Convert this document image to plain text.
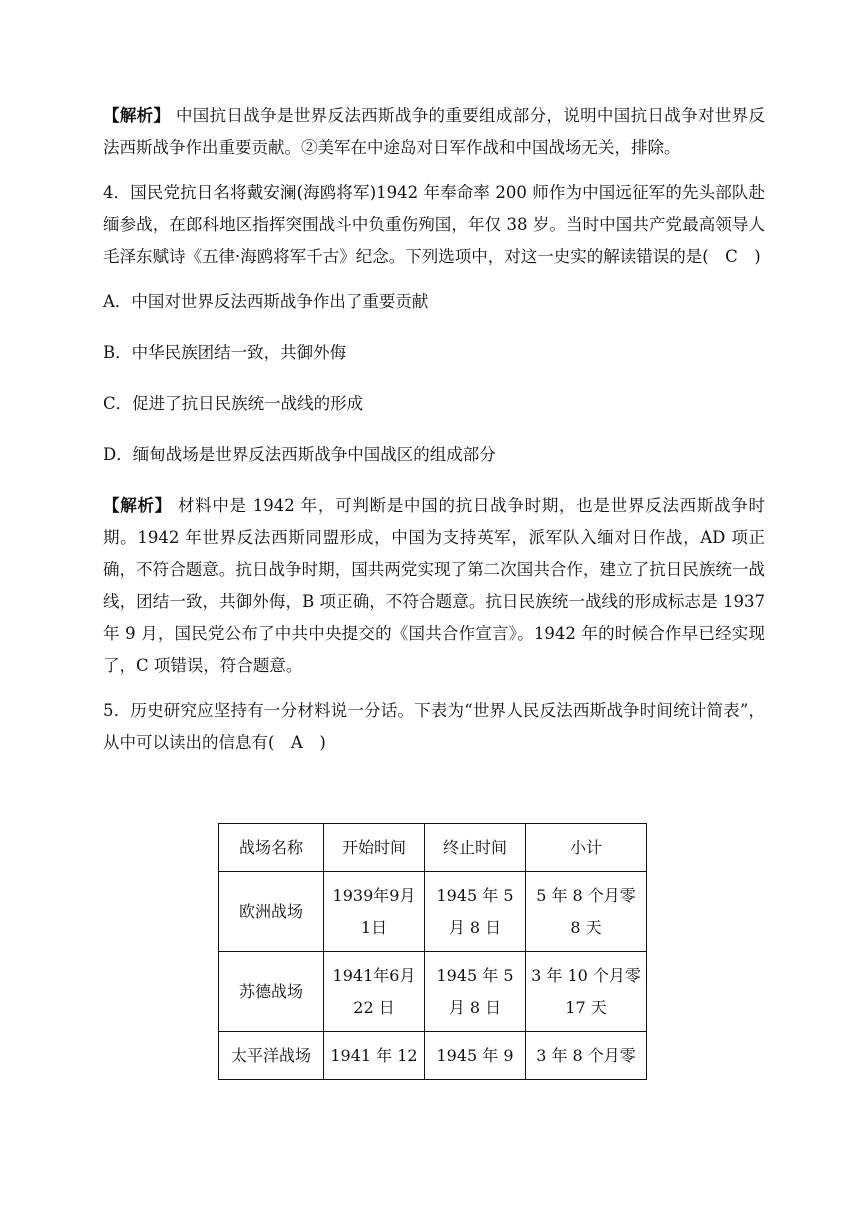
【解析】 中国抗日战争是世界反法西斯战争的重要组成部分，说明中国抗日战争对世界反法西斯战争作出重要贡献。②美军在中途岛对日军作战和中国战场无关，排除。

4．国民党抗日名将戴安澜(海鸥将军)1942 年奉命率 200 师作为中国远征军的先头部队赴缅参战，在郎科地区指挥突围战斗中负重伤殉国，年仅 38 岁。当时中国共产党最高领导人毛泽东赋诗《五律·海鸥将军千古》纪念。下列选项中，对这一史实的解读错误的是(　C　)

A．中国对世界反法西斯战争作出了重要贡献

B．中华民族团结一致，共御外侮

C．促进了抗日民族统一战线的形成

D．缅甸战场是世界反法西斯战争中国战区的组成部分

【解析】 材料中是 1942 年，可判断是中国的抗日战争时期，也是世界反法西斯战争时期。1942 年世界反法西斯同盟形成，中国为支持英军，派军队入缅对日作战，AD 项正确，不符合题意。抗日战争时期，国共两党实现了第二次国共合作，建立了抗日民族统一战线，团结一致，共御外侮，B 项正确，不符合题意。抗日民族统一战线的形成标志是 1937 年 9 月，国民党公布了中共中央提交的《国共合作宣言》。1942 年的时候合作早已经实现了，C 项错误，符合题意。

5．历史研究应坚持有一分材料说一分话。下表为“世界人民反法西斯战争时间统计简表”，从中可以读出的信息有(　A　)

战场名称	开始时间	终止时间	小计
欧洲战场	1939年9月1日	1945 年 5 月 8 日	5 年 8 个月零 8 天
苏德战场	1941年6月22 日	1945 年 5 月 8 日	3 年 10 个月零 17 天
太平洋战场	1941 年 12	1945 年 9	3 年 8 个月零
